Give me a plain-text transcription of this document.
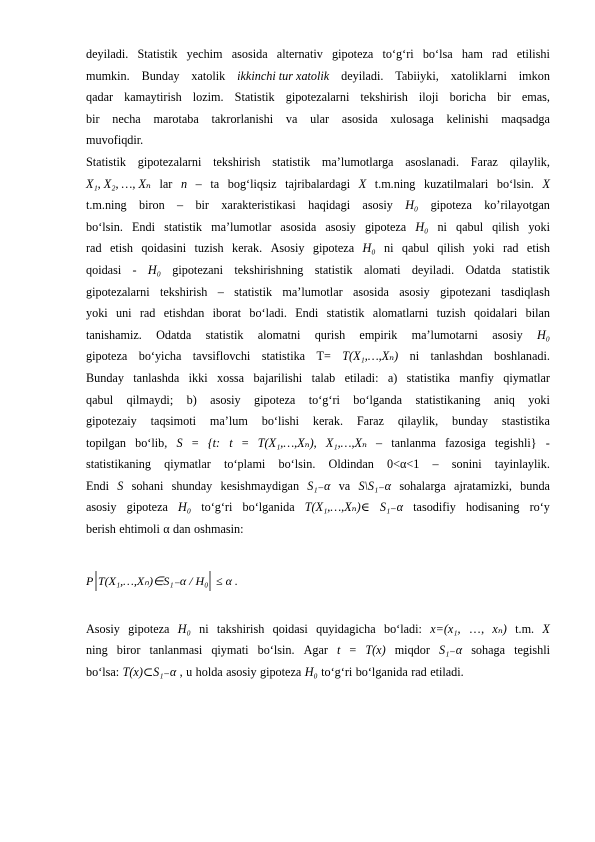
deyiladi. Statistik yechim asosida alternativ gipoteza to‘g‘ri bo‘lsa ham rad etilishi
mumkin. Bunday xatolik ikkinchi tur xatolik deyiladi. Tabiiyki, xatoliklarni imkon
qadar kamaytirish lozim. Statistik gipotezalarni tekshirish iloji boricha bir emas,
bir necha marotaba takrorlanishi va ular asosida xulosaga kelinishi maqsadga
muvofiqdir.
Statistik gipotezalarni tekshirish statistik ma’lumotlarga asoslanadi. Faraz qilaylik,
X₁, X₂, …, Xₙ lar n – ta bog‘liqsiz tajribalardagi X t.m.ning kuzatilmalari bo‘lsin. X
t.m.ning biron – bir xarakteristikasi haqidagi asosiy H₀ gipoteza ko’rilayotgan
bo‘lsin. Endi statistik ma’lumotlar asosida asosiy gipoteza H₀ ni qabul qilish yoki
rad etish qoidasini tuzish kerak. Asosiy gipoteza H₀ ni qabul qilish yoki rad etish
qoidasi - H₀ gipotezani tekshirishning statistik alomati deyiladi. Odatda statistik
gipotezalarni tekshirish – statistik ma’lumotlar asosida asosiy gipotezani tasdiqlash
yoki uni rad etishdan iborat bo‘ladi. Endi statistik alomatlarni tuzish qoidalari bilan
tanishamiz. Odatda statistik alomatni qurish empirik ma’lumotarni asosiy H₀
gipoteza bo‘yicha tavsiflovchi statistika T= T(X₁,…,Xₙ) ni tanlashdan boshlanadi.
Bunday tanlashda ikki xossa bajarilishi talab etiladi: a) statistika manfiy qiymatlar
qabul qilmaydi; b) asosiy gipoteza to‘g‘ri bo‘lganda statistikaning aniq yoki
gipotezaiy taqsimoti ma’lum bo‘lishi kerak. Faraz qilaylik, bunday stastistika
topilgan bo‘lib, S = {t: t = T(X₁,…,Xₙ), X₁,…,Xₙ – tanlanma fazosiga tegishli} -
statistikaning qiymatlar to‘plami bo‘lsin. Oldindan 0<α<1 – sonini tayinlaylik.
Endi S sohani shunday kesishmaydigan S₁₋α va S\S₁₋α sohalarga ajratamizki, bunda
asosiy gipoteza H₀ to‘g‘ri bo‘lganida T(X₁,…,Xₙ)∈ S₁₋α tasodifiy hodisaning ro‘y
berish ehtimoli α dan oshmasin:
P T(X₁,…,Xₙ)∈S₁₋α / H₀ ≤ α .
Asosiy gipoteza H₀ ni takshirish qoidasi quyidagicha bo‘ladi: x=(x₁, …, xₙ) t.m. X
ning biror tanlanmasi qiymati bo‘lsin. Agar t = T(x) miqdor S₁₋α sohaga tegishli
bo‘lsa: T(x)⊂S₁₋α , u holda asosiy gipoteza H₀ to‘g‘ri bo‘lganida rad etiladi.
